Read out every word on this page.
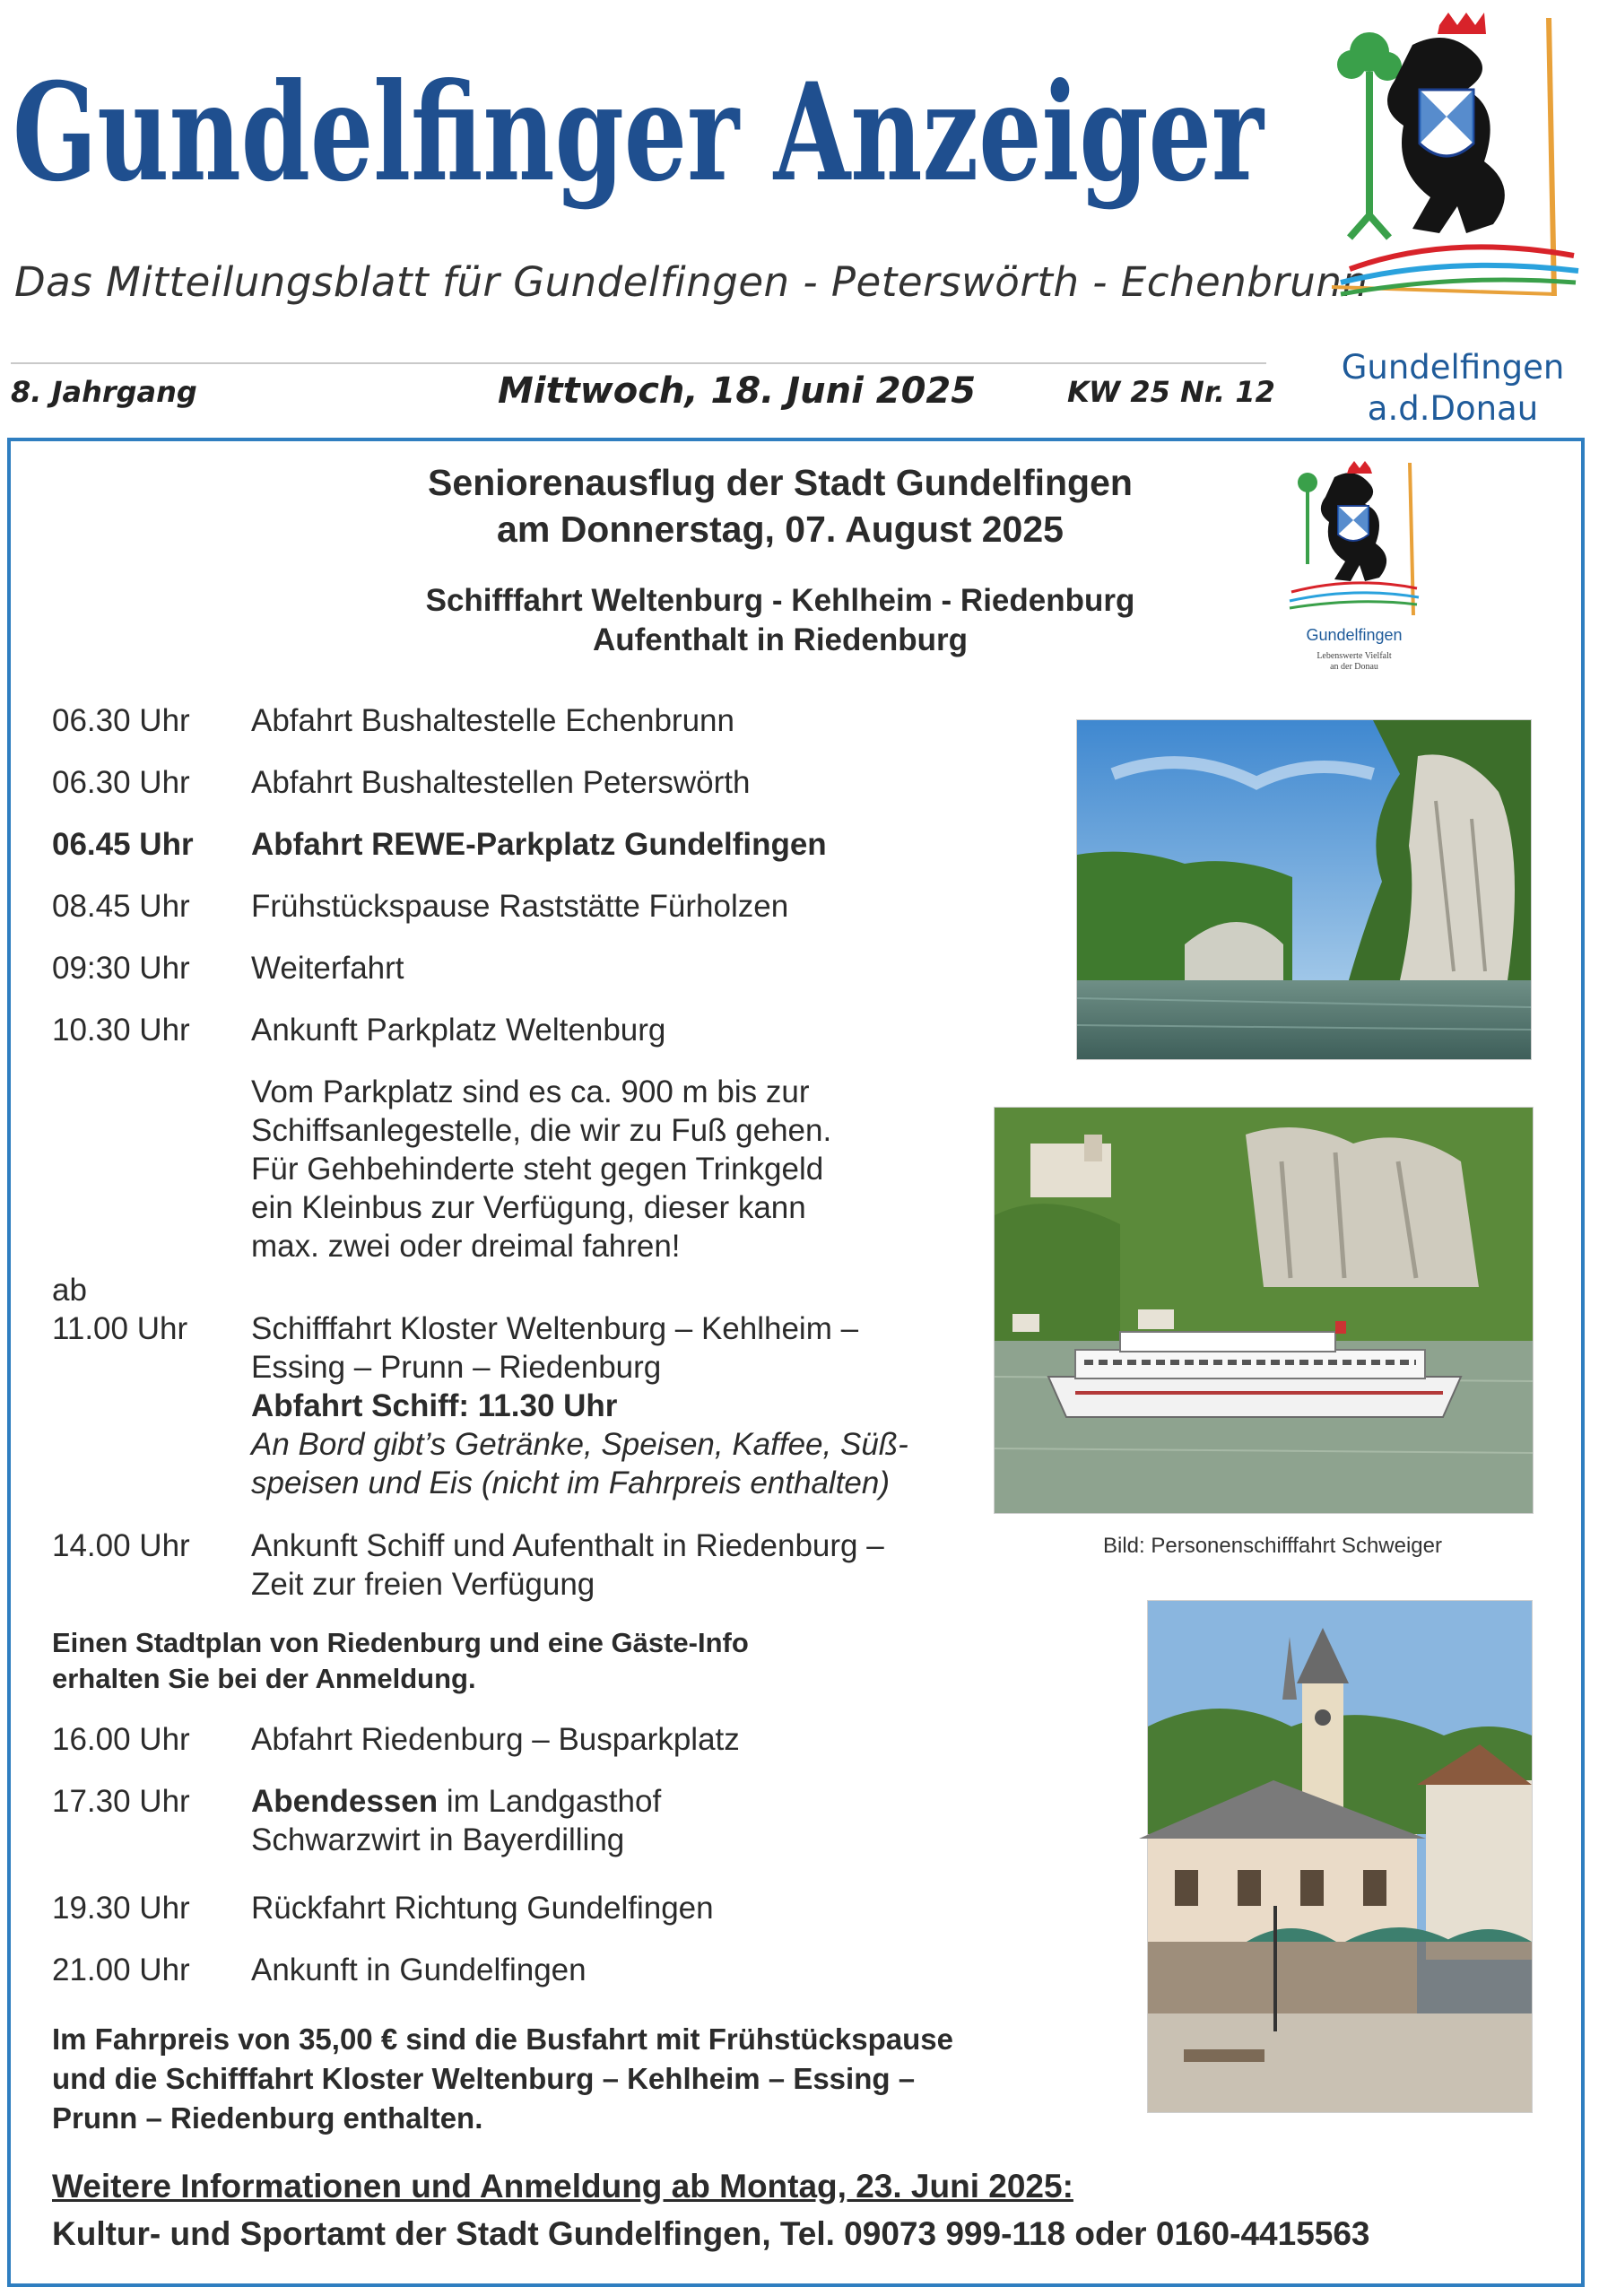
Gundelfinger Anzeiger
Das Mitteilungsblatt für Gundelfingen - Peterswörth - Echenbrunn
8. Jahrgang	Mittwoch, 18. Juni 2025	KW 25 Nr. 12
Gundelfingen
a.d.Donau
Seniorenausflug der Stadt Gundelfingen
am Donnerstag, 07. August 2025
Schifffahrt Weltenburg - Kehlheim - Riedenburg
Aufenthalt in Riedenburg	Gundelfingen
Lebenswerte Vielfalt
an der Donau
06.30 Uhr Abfahrt Bushaltestelle Echenbrunn
06.30 Uhr Abfahrt Bushaltestellen Peterswörth
06.45 Uhr Abfahrt REWE-Parkplatz Gundelfingen
08.45 Uhr Frühstückspause Raststätte Fürholzen
09:30 Uhr Weiterfahrt
10.30 Uhr Ankunft Parkplatz Weltenburg
Vom Parkplatz sind es ca. 900 m bis zur
Schiffsanlegestelle, die wir zu Fuß gehen.
Für Gehbehinderte steht gegen Trinkgeld
ein Kleinbus zur Verfügung, dieser kann
max. zwei oder dreimal fahren!
ab
11.00 Uhr Schifffahrt Kloster Weltenburg – Kehlheim –
Essing – Prunn – Riedenburg
Abfahrt Schiff: 11.30 Uhr
An Bord gibt’s Getränke, Speisen, Kaffee, Süß-
speisen und Eis (nicht im Fahrpreis enthalten)
14.00 Uhr Ankunft Schiff und Aufenthalt in Riedenburg –
Zeit zur freien Verfügung
Einen Stadtplan von Riedenburg und eine Gäste-Info
erhalten Sie bei der Anmeldung.
16.00 Uhr Abfahrt Riedenburg – Busparkplatz
17.30 Uhr Abendessen im Landgasthof
Schwarzwirt in Bayerdilling
19.30 Uhr Rückfahrt Richtung Gundelfingen
21.00 Uhr Ankunft in Gundelfingen
Im Fahrpreis von 35,00 € sind die Busfahrt mit Frühstückspause
und die Schifffahrt Kloster Weltenburg – Kehlheim – Essing –
Prunn – Riedenburg enthalten.
Weitere Informationen und Anmeldung ab Montag, 23. Juni 2025:
Kultur- und Sportamt der Stadt Gundelfingen, Tel. 09073 999-118 oder 0160-4415563
Bild: Personenschifffahrt Schweiger
